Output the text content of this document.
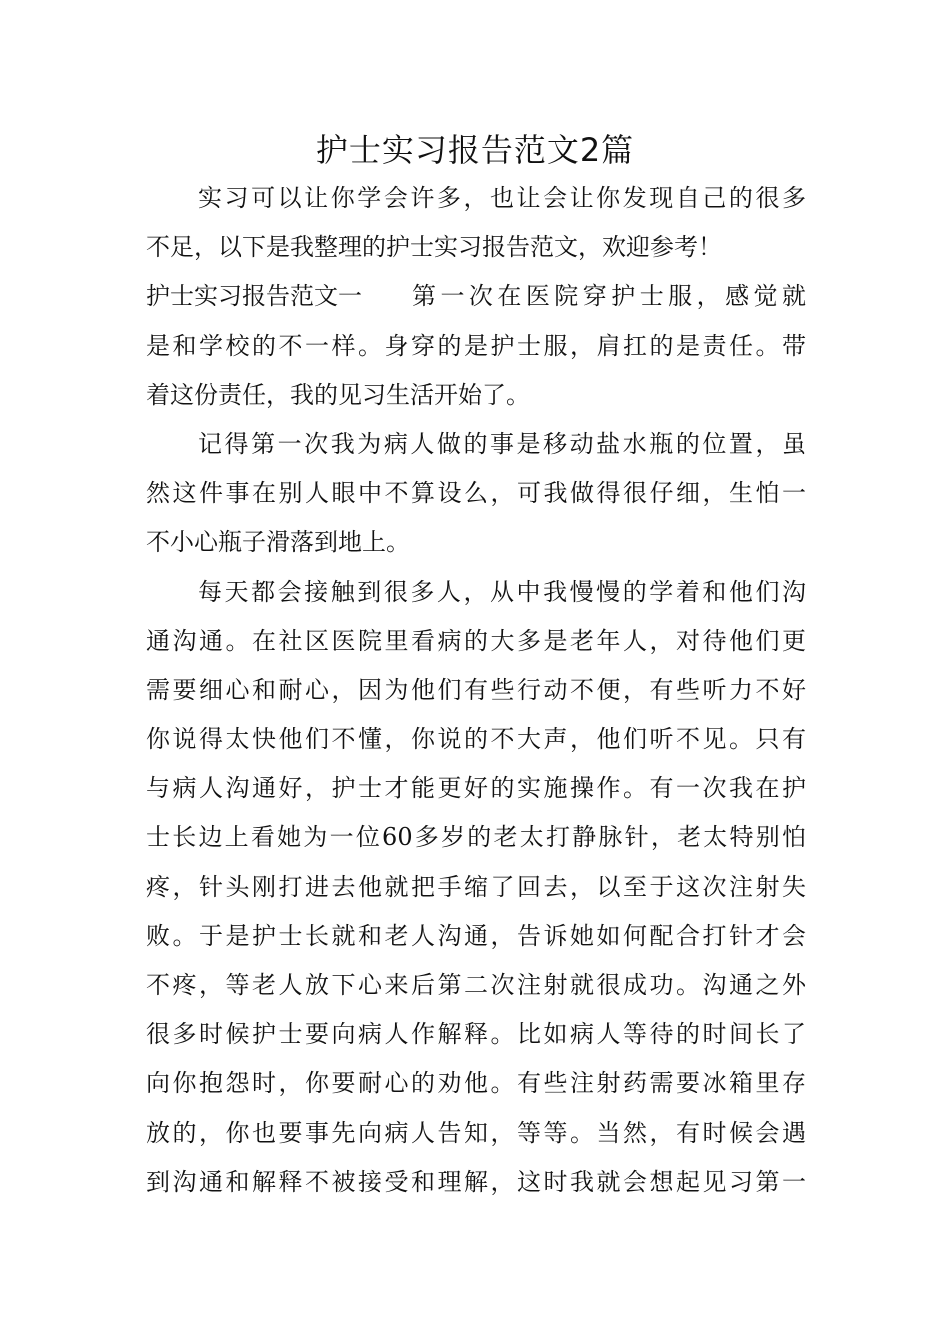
护士实习报告范文2篇
实习可以让你学会许多，也让会让你发现自己的很多
不足，以下是我整理的护士实习报告范文，欢迎参考！
护士实习报告范文一 第一次在医院穿护士服，感觉就
是和学校的不一样。身穿的是护士服，肩扛的是责任。带
着这份责任，我的见习生活开始了。
记得第一次我为病人做的事是移动盐水瓶的位置，虽
然这件事在别人眼中不算设么，可我做得很仔细，生怕一
不小心瓶子滑落到地上。
每天都会接触到很多人，从中我慢慢的学着和他们沟
通沟通。在社区医院里看病的大多是老年人，对待他们更
需要细心和耐心，因为他们有些行动不便，有些听力不好
你说得太快他们不懂，你说的不大声，他们听不见。只有
与病人沟通好，护士才能更好的实施操作。有一次我在护
士长边上看她为一位60多岁的老太打静脉针，老太特别怕
疼，针头刚打进去他就把手缩了回去，以至于这次注射失
败。于是护士长就和老人沟通，告诉她如何配合打针才会
不疼，等老人放下心来后第二次注射就很成功。沟通之外
很多时候护士要向病人作解释。比如病人等待的时间长了
向你抱怨时，你要耐心的劝他。有些注射药需要冰箱里存
放的，你也要事先向病人告知，等等。当然，有时候会遇
到沟通和解释不被接受和理解，这时我就会想起见习第一
